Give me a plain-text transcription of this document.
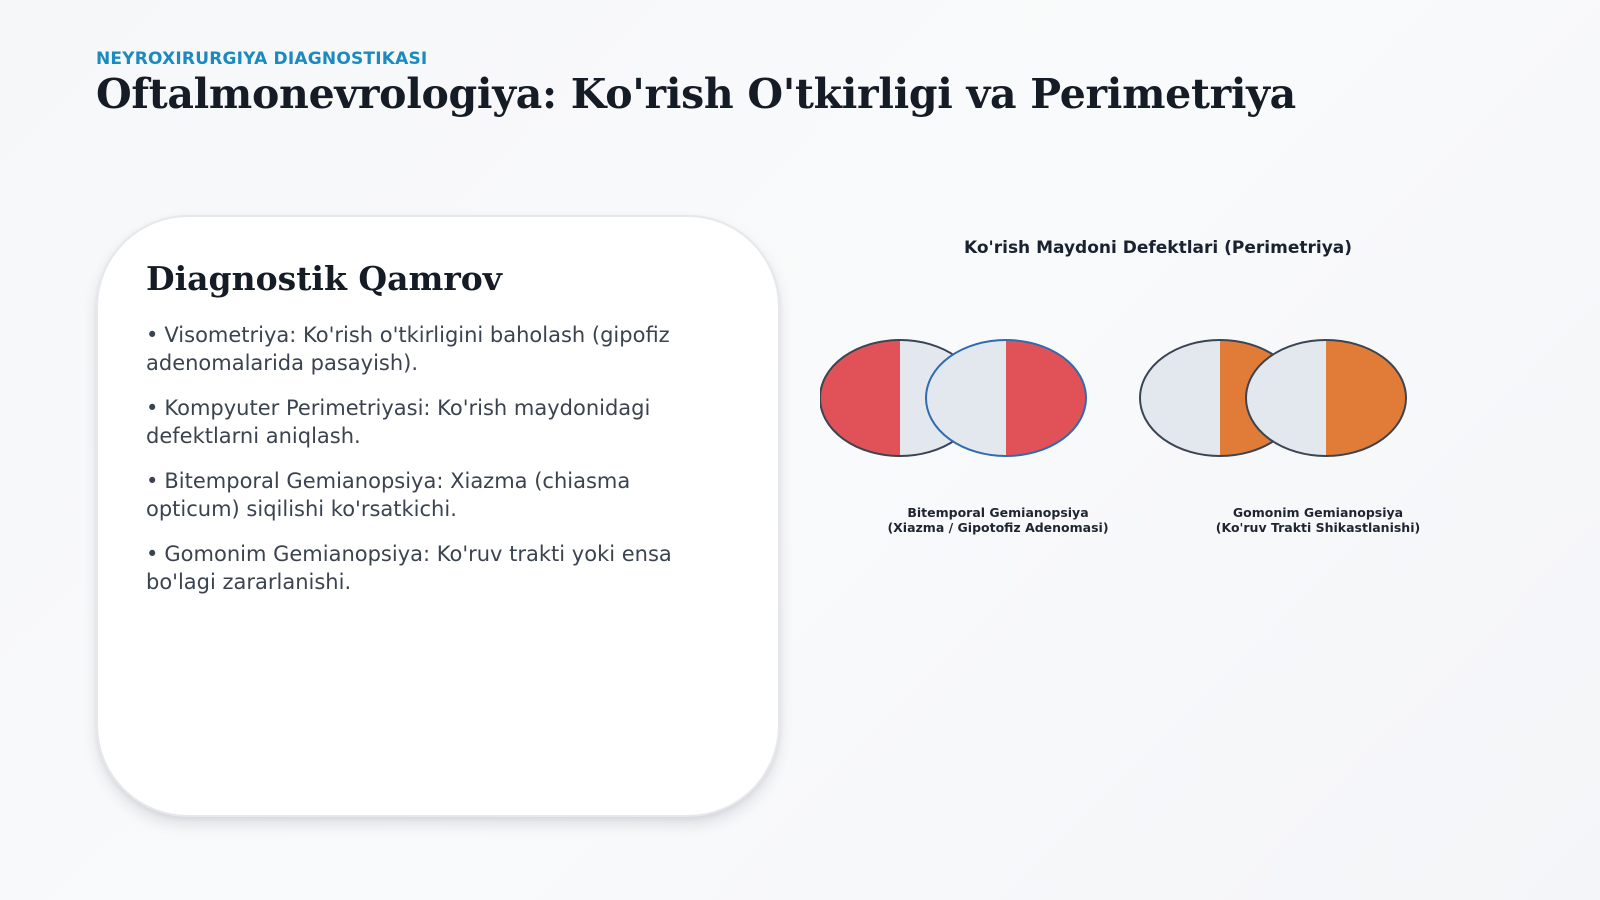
NEYROXIRURGIYA DIAGNOSTIKASI
Oftalmonevrologiya: Ko'rish O'tkirligi va Perimetriya
Diagnostik Qamrov
• Visometriya: Ko'rish o'tkirligini baholash (gipofiz adenomalarida pasayish).
• Kompyuter Perimetriyasi: Ko'rish maydonidagi defektlarni aniqlash.
• Bitemporal Gemianopsiya: Xiazma (chiasma opticum) siqilishi ko'rsatkichi.
• Gomonim Gemianopsiya: Ko'ruv trakti yoki ensa bo'lagi zararlanishi.
Ko'rish Maydoni Defektlari (Perimetriya)
Bitemporal Gemianopsiya
(Xiazma / Gipotofiz Adenomasi)
Gomonim Gemianopsiya
(Ko'ruv Trakti Shikastlanishi)
